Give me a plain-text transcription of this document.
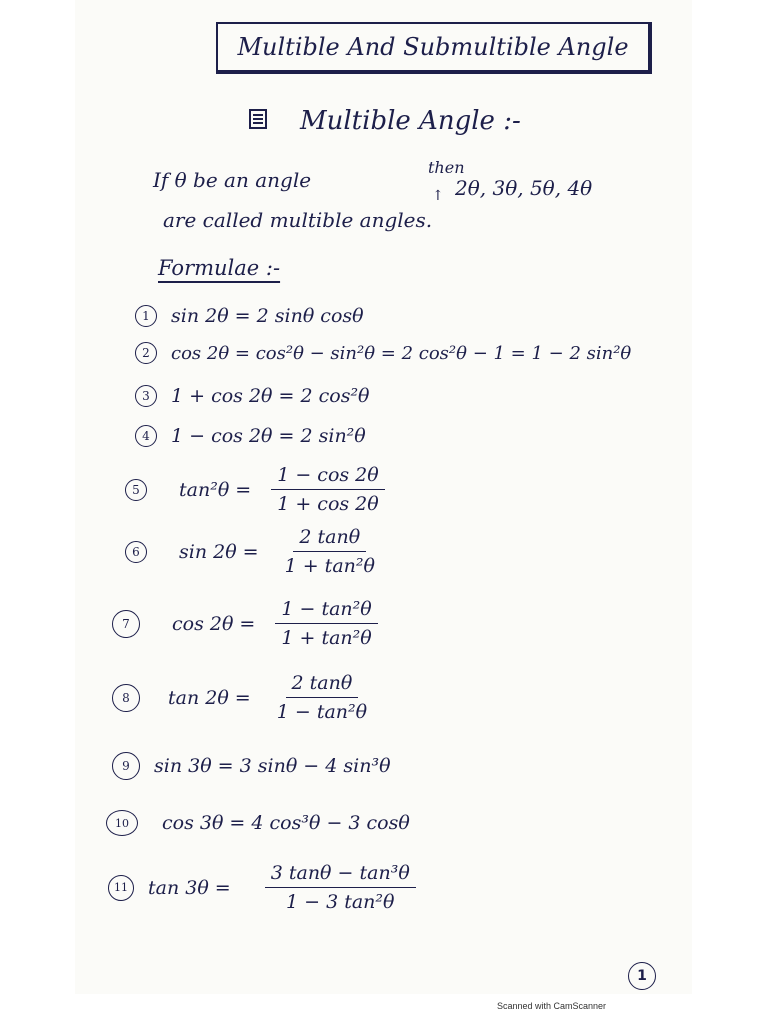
Multible And Submultible Angle
Multible Angle :-
If θ be an angle
then
↑ 2θ, 3θ, 5θ, 4θ
are called multible angles.
Formulae :-
1	sin 2θ = 2 sinθ cosθ
2	cos 2θ = cos²θ − sin²θ = 2 cos²θ − 1 = 1 − 2 sin²θ
3	1 + cos 2θ = 2 cos²θ
4	1 − cos 2θ = 2 sin²θ
5	$\tan^2\theta = \frac{1 - \cos 2\theta}{1 + \cos 2\theta}$
6	$\sin 2\theta = \frac{2 \tan\theta}{\text{1 + tan²θ}}$
7	$\cos 2\theta = \frac{\text{1 − tan²θ}}{\text{1 + tan²θ}}$
8	$\tan 2\theta = \frac{2 \tan\theta}{\text{1 − tan²θ}}$
9	sin 3θ = 3 sinθ − 4 sin³θ
10	cos 3θ = 4 cos³θ − 3 cosθ
11	$\tan 3\theta = \frac{\text{3 tanθ − tan³θ}}{\text{1 − 3 tan²θ}}$
1
Scanned with CamScanner
